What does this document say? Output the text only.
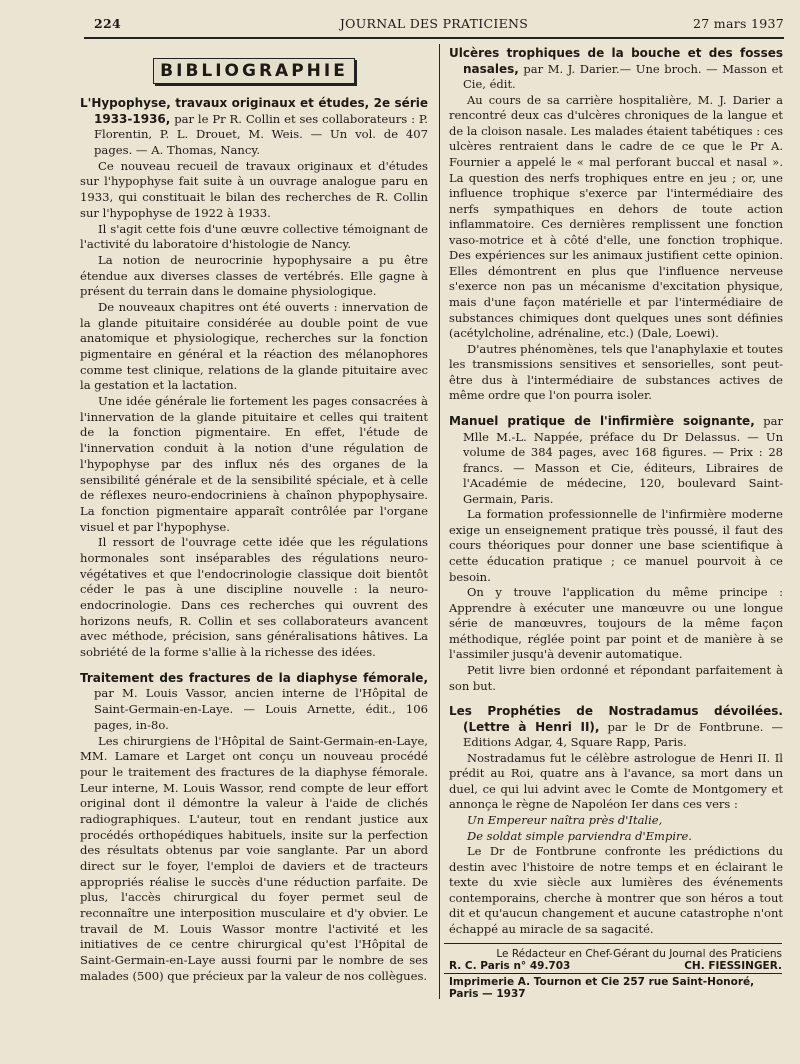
224	JOURNAL DES PRATICIENS	27 mars 1937
BIBLIOGRAPHIE

L'Hypophyse, travaux originaux et études, 2e série 1933-1936, par le Pr R. Collin et ses collaborateurs : P. Florentin, P. L. Drouet, M. Weis. — Un vol. de 407 pages. — A. Thomas, Nancy.

Ce nouveau recueil de travaux originaux et d'études sur l'hypophyse fait suite à un ouvrage analogue paru en 1933, qui constituait le bilan des recherches de R. Collin sur l'hypophyse de 1922 à 1933.

Il s'agit cette fois d'une œuvre collective témoignant de l'activité du laboratoire d'histologie de Nancy.

La notion de neurocrinie hypophysaire a pu être étendue aux diverses classes de vertébrés. Elle gagne à présent du terrain dans le domaine physiologique.

De nouveaux chapitres ont été ouverts : innervation de la glande pituitaire considérée au double point de vue anatomique et physiologique, recherches sur la fonction pigmentaire en général et la réaction des mélanophores comme test clinique, relations de la glande pituitaire avec la gestation et la lactation.

Une idée générale lie fortement les pages consacrées à l'innervation de la glande pituitaire et celles qui traitent de la fonction pigmentaire. En effet, l'étude de l'innervation conduit à la notion d'une régulation de l'hypophyse par des influx nés des organes de la sensibilité générale et de la sensibilité spéciale, et à celle de réflexes neuro-endocriniens à chaînon phypophysaire. La fonction pigmentaire apparaît contrôlée par l'organe visuel et par l'hypophyse.

Il ressort de l'ouvrage cette idée que les régulations hormonales sont inséparables des régulations neuro-végétatives et que l'endocrinologie classique doit bientôt céder le pas à une discipline nouvelle : la neuro-endocrinologie. Dans ces recherches qui ouvrent des horizons neufs, R. Collin et ses collaborateurs avancent avec méthode, précision, sans généralisations hâtives. La sobriété de la forme s'allie à la richesse des idées.

Traitement des fractures de la diaphyse fémorale, par M. Louis Vassor, ancien interne de l'Hôpital de Saint-Germain-en-Laye. — Louis Arnette, édit., 106 pages, in-8o.

Les chirurgiens de l'Hôpital de Saint-Germain-en-Laye, MM. Lamare et Larget ont conçu un nouveau procédé pour le traitement des fractures de la diaphyse fémorale. Leur interne, M. Louis Wassor, rend compte de leur effort original dont il démontre la valeur à l'aide de clichés radiographiques. L'auteur, tout en rendant justice aux procédés orthopédiques habituels, insite sur la perfection des résultats obtenus par voie sanglante. Par un abord direct sur le foyer, l'emploi de daviers et de tracteurs appropriés réalise le succès d'une réduction parfaite. De plus, l'accès chirurgical du foyer permet seul de reconnaître une interposition musculaire et d'y obvier. Le travail de M. Louis Wassor montre l'activité et les initiatives de ce centre chirurgical qu'est l'Hôpital de Saint-Germain-en-Laye aussi fourni par le nombre de ses malades (500) que précieux par la valeur de nos collègues.

Ulcères trophiques de la bouche et des fosses nasales, par M. J. Darier.— Une broch. — Masson et Cie, édit.

Au cours de sa carrière hospitalière, M. J. Darier a rencontré deux cas d'ulcères chroniques de la langue et de la cloison nasale. Les malades étaient tabétiques : ces ulcères rentraient dans le cadre de ce que le Pr A. Fournier a appelé le « mal perforant buccal et nasal ». La question des nerfs trophiques entre en jeu ; or, une influence trophique s'exerce par l'intermédiaire des nerfs sympathiques en dehors de toute action inflammatoire. Ces dernières remplissent une fonction vaso-motrice et à côté d'elle, une fonction trophique. Des expériences sur les animaux justifient cette opinion. Elles démontrent en plus que l'influence nerveuse s'exerce non pas un mécanisme d'excitation physique, mais d'une façon matérielle et par l'intermédiaire de substances chimiques dont quelques unes sont définies (acétylcholine, adrénaline, etc.) (Dale, Loewi).

D'autres phénomènes, tels que l'anaphylaxie et toutes les transmissions sensitives et sensorielles, sont peut-être dus à l'intermédiaire de substances actives de même ordre que l'on pourra isoler.

Manuel pratique de l'infirmière soignante, par Mlle M.-L. Nappée, préface du Dr Delassus. — Un volume de 384 pages, avec 168 figures. — Prix : 28 francs. — Masson et Cie, éditeurs, Libraires de l'Académie de médecine, 120, boulevard Saint-Germain, Paris.

La formation professionnelle de l'infirmière moderne exige un enseignement pratique très poussé, il faut des cours théoriques pour donner une base scientifique à cette éducation pratique ; ce manuel pourvoit à ce besoin.

On y trouve l'application du même principe : Apprendre à exécuter une manœuvre ou une longue série de manœuvres, toujours de la même façon méthodique, réglée point par point et de manière à se l'assimiler jusqu'à devenir automatique.

Petit livre bien ordonné et répondant parfaitement à son but.

Les Prophéties de Nostradamus dévoilées. (Lettre à Henri II), par le Dr de Fontbrune. — Editions Adgar, 4, Square Rapp, Paris.

Nostradamus fut le célèbre astrologue de Henri II. Il prédit au Roi, quatre ans à l'avance, sa mort dans un duel, ce qui lui advint avec le Comte de Montgomery et annonça le règne de Napoléon Ier dans ces vers :

Un Empereur naîtra près d'Italie,

De soldat simple parviendra d'Empire.

Le Dr de Fontbrune confronte les prédictions du destin avec l'histoire de notre temps et en éclairant le texte du xvie siècle aux lumières des événements contemporains, cherche à montrer que son héros a tout dit et qu'aucun changement et aucune catastrophe n'ont échappé au miracle de sa sagacité.

Le Rédacteur en Chef-Gérant du Journal des Praticiens
R. C. Paris n° 49.703	CH. FIESSINGER.
Imprimerie A. Tournon et Cie 257 rue Saint-Honoré, Paris — 1937
